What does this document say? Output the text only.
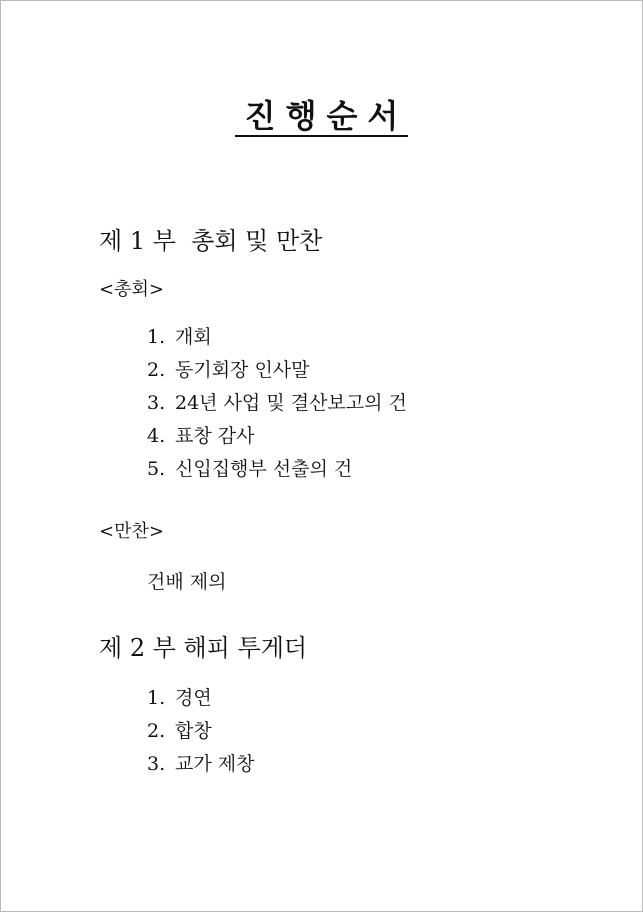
진행순서
제 1 부  총회 및 만찬
<총회>
1. 개회
2. 동기회장 인사말
3. 24년 사업 및 결산보고의 건
4. 표창 감사
5. 신입집행부 선출의 건
<만찬>
건배 제의
제 2 부 해피 투게더
1. 경연
2. 합창
3. 교가 제창
